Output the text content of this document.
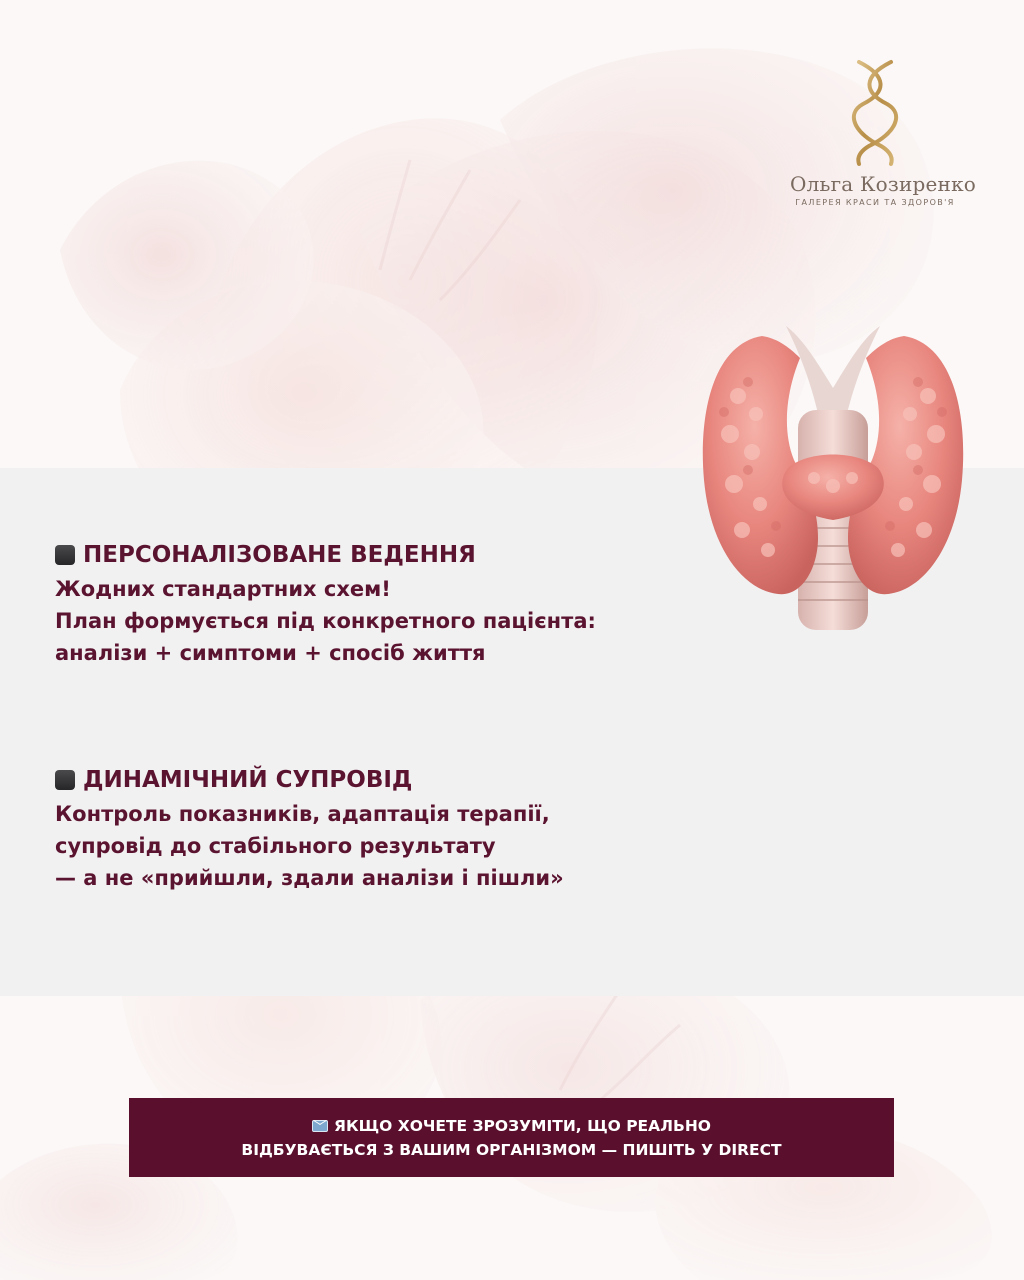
Ольга Козиренко
ГАЛЕРЕЯ КРАСИ ТА ЗДОРОВ'Я
ПЕРСОНАЛІЗОВАНЕ ВЕДЕННЯ
Жодних стандартних схем!
План формується під конкретного пацієнта:
аналізи + симптоми + спосіб життя
ДИНАМІЧНИЙ СУПРОВІД
Контроль показників, адаптація терапії,
супровід до стабільного результату
— а не «прийшли, здали аналізи і пішли»
ЯКЩО ХОЧЕТЕ ЗРОЗУМІТИ, ЩО РЕАЛЬНО
ВІДБУВАЄТЬСЯ З ВАШИМ ОРГАНІЗМОМ — ПИШІТЬ У DIRECT
